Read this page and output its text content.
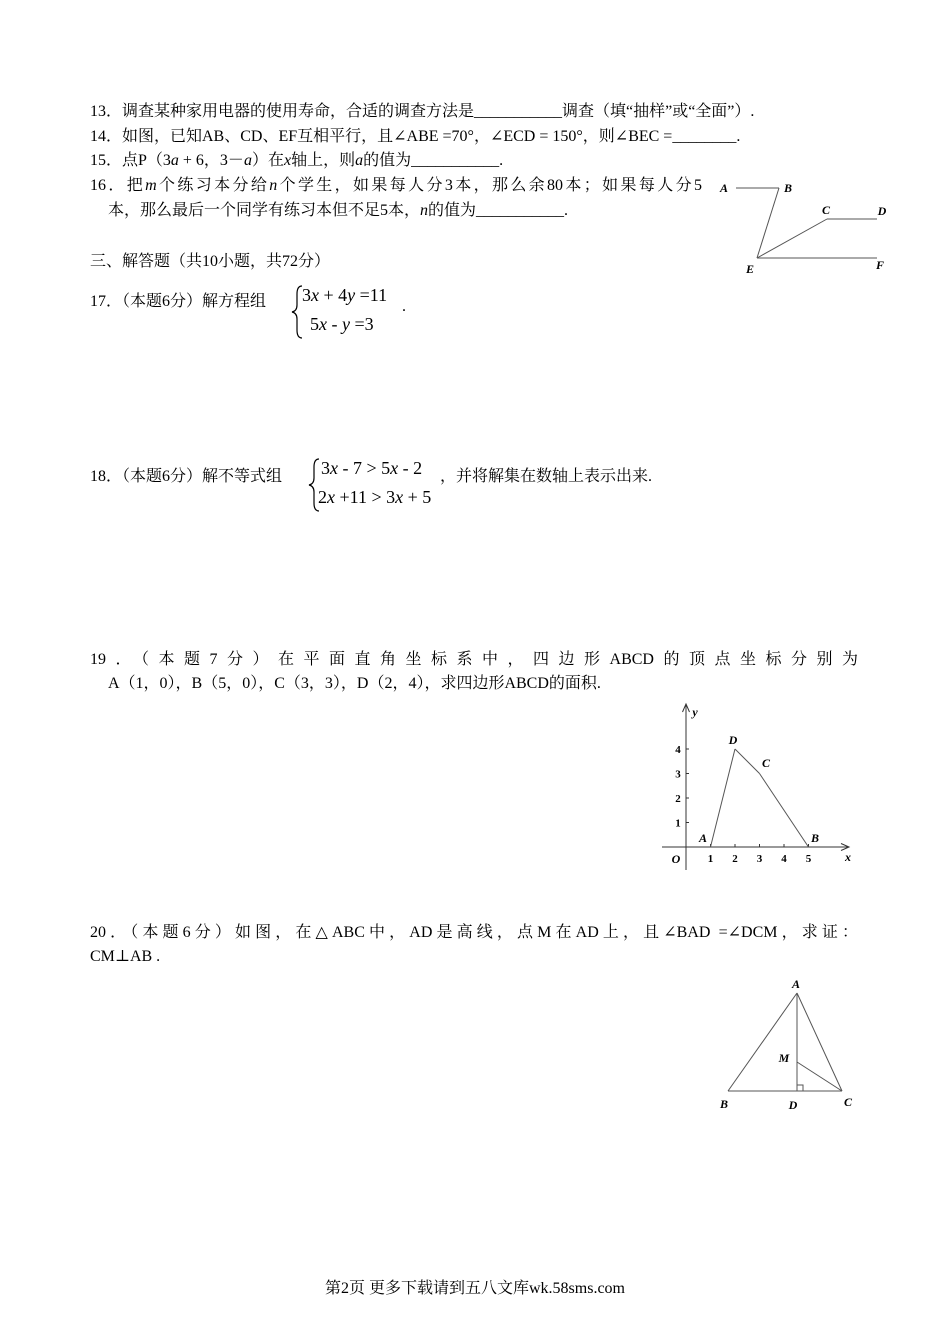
13．调查某种家用电器的使用寿命，合适的调查方法是___________调查（填“抽样”或“全面”）.
14．如图，已知AB、CD、EF互相平行，且∠ABE =70°，∠ECD = 150°，则∠BEC =________.
15．点P（3a + 6，3－a）在x轴上，则a的值为___________.
16．把m个练习本分给n个学生，如果每人分3本，那么余80本；如果每人分5
本，那么最后一个同学有练习本但不足5本，n的值为___________.
A	B
C	D
E	F
三、解答题（共10小题，共72分）
17．（本题6分）解方程组 3x + 4y =11
5x - y =3
.
18．（本题6分）解不等式组 3x - 7 > 5x - 2
2x +11 > 3x + 5
，并将解集在数轴上表示出来.
19．（本题7分）在平面直角坐标系中，四边形ABCD的顶点坐标分别为
A（1，0），B（5，0），C（3，3），D（2，4），求四边形ABCD的面积.
1 2 3 4 5
1
2
3
4
O	x
y
A
D
C
B
20．（本题6分）如图，在△ABC中，AD是高线，点M在AD上，且∠BAD =∠DCM，求证：
CM⊥AB .
A
B	D	C
M
第2页 更多下载请到五八文库wk.58sms.com
